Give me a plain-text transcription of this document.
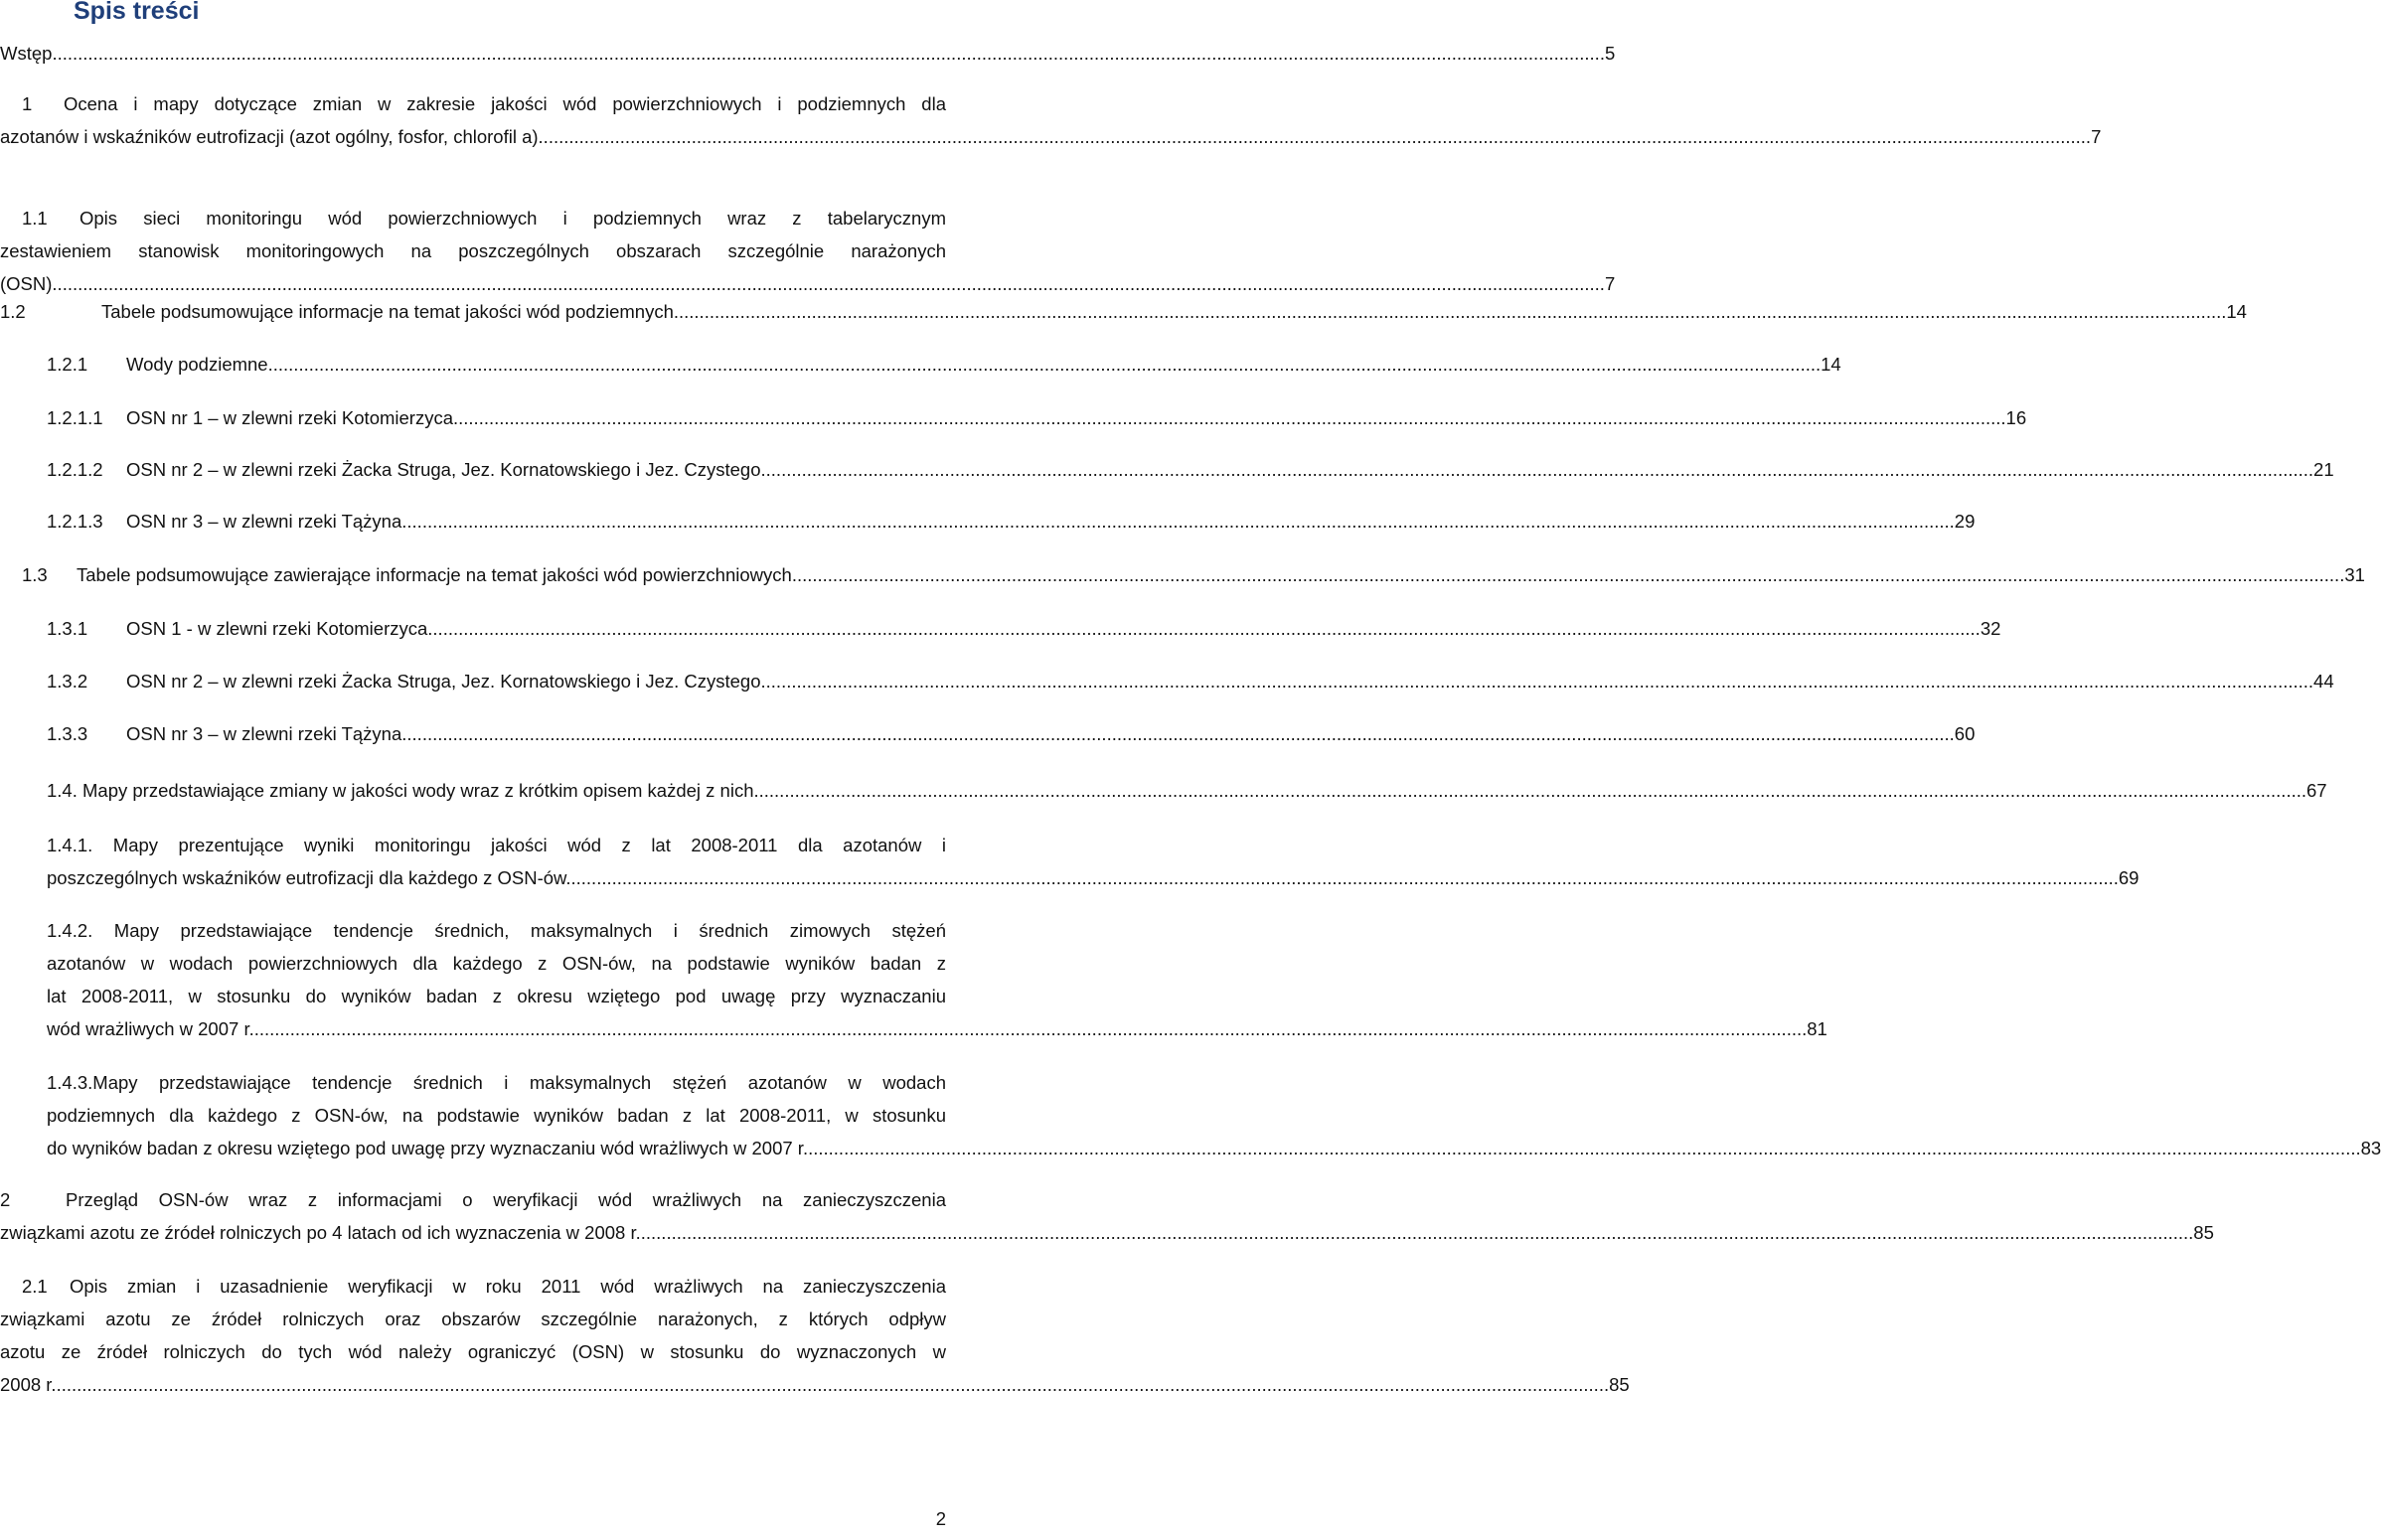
Spis treści
Wstęp .....	5
1	Ocena i mapy dotyczące zmian w zakresie jakości wód powierzchniowych i podziemnych dla
azotanów i wskaźników eutrofizacji (azot ogólny, fosfor, chlorofil a) .....	7
1.1	Opis sieci monitoringu wód powierzchniowych i podziemnych wraz z tabelarycznym
zestawieniem stanowisk monitoringowych na poszczególnych obszarach szczególnie narażonych
(OSN) .....	7
1.2	Tabele podsumowujące informacje na temat jakości wód podziemnych .....	14
1.2.1 Wody podziemne .....	14
1.2.1.1 OSN nr 1 – w zlewni rzeki Kotomierzyca .....	16
1.2.1.2 OSN nr 2 – w zlewni rzeki Żacka Struga, Jez. Kornatowskiego i Jez. Czystego .....	21
1.2.1.3 OSN nr 3 – w zlewni rzeki Tążyna .....	29
1.3 Tabele podsumowujące zawierające informacje na temat jakości wód powierzchniowych .....	31
1.3.1 OSN 1 - w zlewni rzeki Kotomierzyca .....	32
1.3.2 OSN nr 2 – w zlewni rzeki Żacka Struga, Jez. Kornatowskiego i Jez. Czystego .....	44
1.3.3 OSN nr 3 – w zlewni rzeki Tążyna .....	60
1.4. Mapy przedstawiające zmiany w jakości wody wraz z krótkim opisem każdej z nich .....	67
1.4.1. Mapy prezentujące wyniki monitoringu jakości wód z lat 2008-2011 dla azotanów i
poszczególnych wskaźników eutrofizacji dla każdego z OSN-ów .....	69
1.4.2. Mapy przedstawiające tendencje średnich, maksymalnych i średnich zimowych stężeń
azotanów w wodach powierzchniowych dla każdego z OSN-ów, na podstawie wyników badan z
lat 2008-2011, w stosunku do wyników badan z okresu wziętego pod uwagę przy wyznaczaniu
wód wrażliwych w 2007 r. .....	81
1.4.3.Mapy przedstawiające tendencje średnich i maksymalnych stężeń azotanów w wodach
podziemnych dla każdego z OSN-ów, na podstawie wyników badan z lat 2008-2011, w stosunku
do wyników badan z okresu wziętego pod uwagę przy wyznaczaniu wód wrażliwych w 2007 r. .....	83
2	Przegląd OSN-ów wraz z informacjami o weryfikacji wód wrażliwych na zanieczyszczenia
związkami azotu ze źródeł rolniczych po 4 latach od ich wyznaczenia w 2008 r. .....	85
2.1	Opis zmian i uzasadnienie weryfikacji w roku 2011 wód wrażliwych na zanieczyszczenia
związkami azotu ze źródeł rolniczych oraz obszarów szczególnie narażonych, z których odpływ
azotu ze źródeł rolniczych do tych wód należy ograniczyć (OSN) w stosunku do wyznaczonych w
2008 r. .....	85
2
